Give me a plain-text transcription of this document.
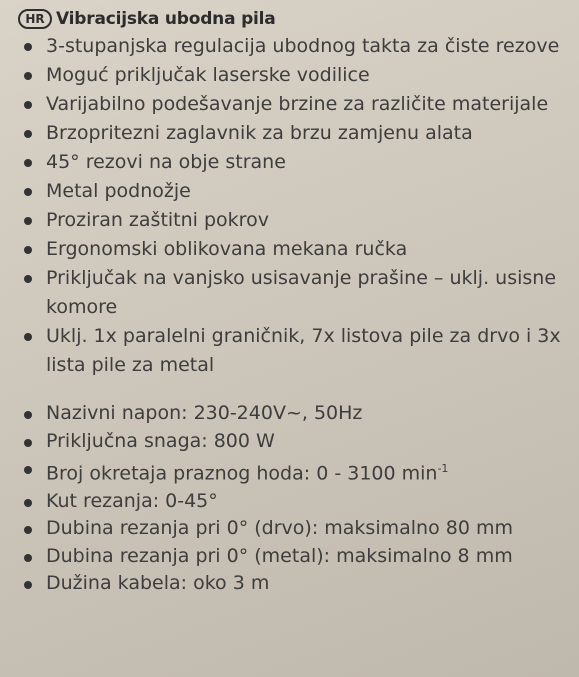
HR Vibracijska ubodna pila
3-stupanjska regulacija ubodnog takta za čiste rezove
Moguć priključak laserske vodilice
Varijabilno podešavanje brzine za različite materijale
Brzopritezni zaglavnik za brzu zamjenu alata
45° rezovi na obje strane
Metal podnožje
Proziran zaštitni pokrov
Ergonomski oblikovana mekana ručka
Priključak na vanjsko usisavanje prašine – uklj. usisne komore
Uklj. 1x paralelni graničnik, 7x listova pile za drvo i 3x lista pile za metal
Nazivni napon: 230-240V~, 50Hz
Priključna snaga: 800 W
Broj okretaja praznog hoda: 0 - 3100 $\min^{-1}$
Kut rezanja: 0-45°
Dubina rezanja pri 0° (drvo): maksimalno 80 mm
Dubina rezanja pri 0° (metal): maksimalno 8 mm
Dužina kabela: oko 3 m
